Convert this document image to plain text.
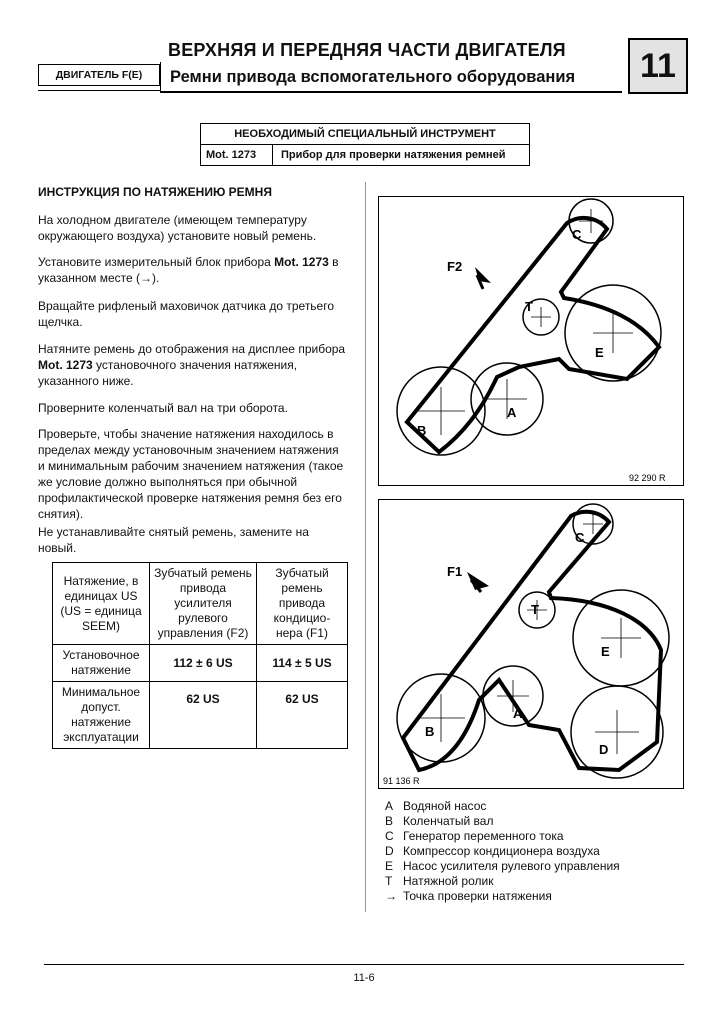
ВЕРХНЯЯ И ПЕРЕДНЯЯ ЧАСТИ ДВИГАТЕЛЯ
Ремни привода вспомогательного оборудования
ДВИГАТЕЛЬ F(E)	11
НЕОБХОДИМЫЙ СПЕЦИАЛЬНЫЙ ИНСТРУМЕНТ
Mot. 1273	Прибор для проверки натяжения ремней
ИНСТРУКЦИЯ ПО НАТЯЖЕНИЮ РЕМНЯ
На холодном двигателе (имеющем температуру окружающего воздуха) установите новый ремень.
Установите измерительный блок прибора Mot. 1273 в указанном месте (→).
Вращайте рифленый маховичок датчика до третьего щелчка.
Натяните ремень до отображения на дисплее прибора Mot. 1273 установочного значения натяжения, указанного ниже.
Проверните коленчатый вал на три оборота.
Проверьте, чтобы значение натяжения находилось в пределах между установочным значением натяжения и минимальным рабочим значением натяжения (такое же условие должно выполняться при обычной профилактической проверке натяжения ремня без его снятия).
Не устанавливайте снятый ремень, замените на новый.
Натяжение, в единицах US (US = единица SEEM)	Зубчатый ремень привода усилителя рулевого управления (F2)	Зубчатый ремень привода кондицио-нера (F1)
Установочное натяжение	112 ± 6 US	114 ± 5 US
Минимальное допуст. натяжение эксплуатации	62 US	62 US
C
T
E
A
B
F2
92 290 R
C
T
E
A
B
D
F1
91 136 R
A Водяной насос
B Коленчатый вал
C Генератор переменного тока
D Компрессор кондиционера воздуха
E Насос усилителя рулевого управления
T Натяжной ролик
→ Точка проверки натяжения
11-6
